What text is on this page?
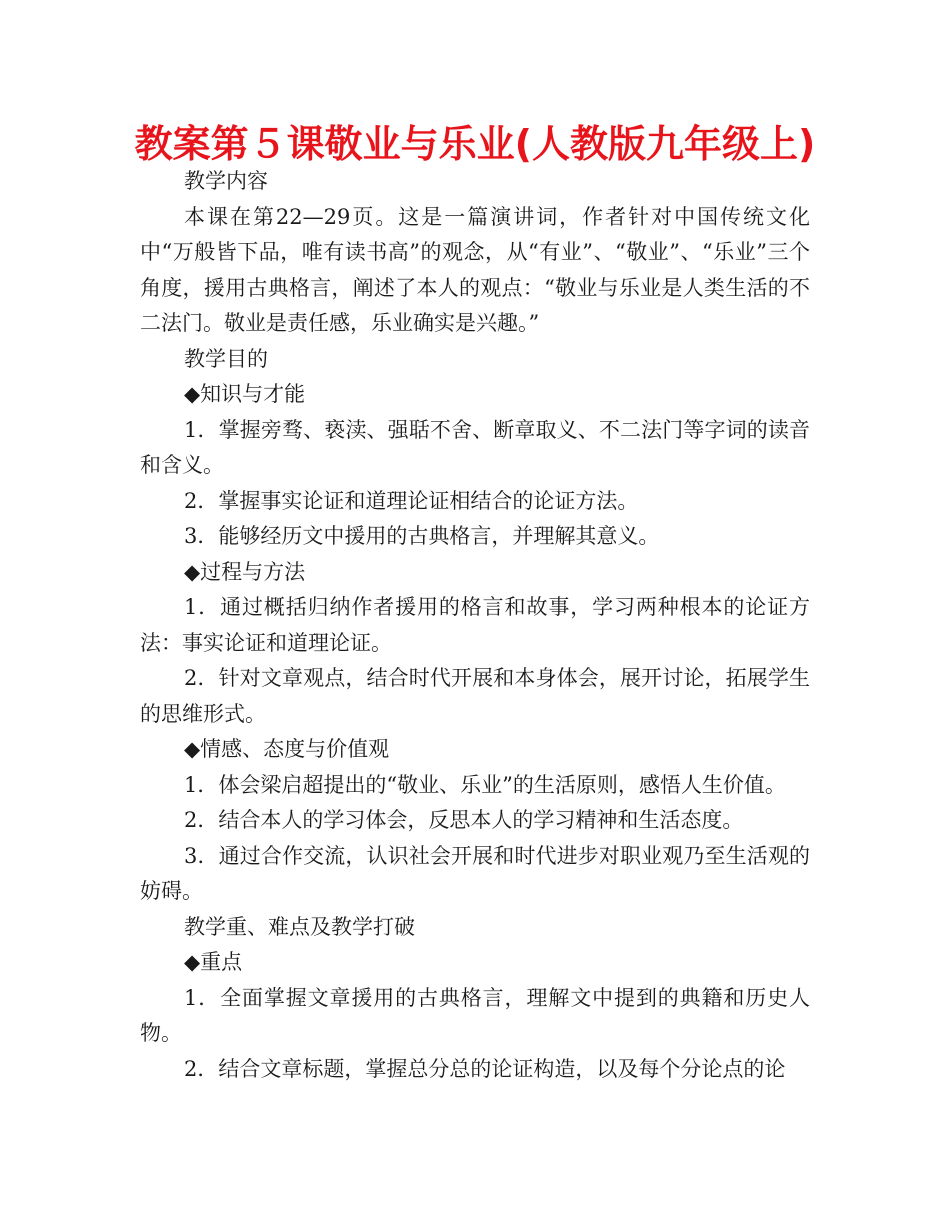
教案第５课敬业与乐业(人教版九年级上)

教学内容

本课在第22—29页。这是一篇演讲词，作者针对中国传统文化中“万般皆下品，唯有读书高”的观念，从“有业”、“敬业”、“乐业”三个角度，援用古典格言，阐述了本人的观点：“敬业与乐业是人类生活的不二法门。敬业是责任感，乐业确实是兴趣。”

教学目的

◆知识与才能

1．掌握旁骛、亵渎、强聒不舍、断章取义、不二法门等字词的读音和含义。

2．掌握事实论证和道理论证相结合的论证方法。

3．能够经历文中援用的古典格言，并理解其意义。

◆过程与方法

1．通过概括归纳作者援用的格言和故事，学习两种根本的论证方法：事实论证和道理论证。

2．针对文章观点，结合时代开展和本身体会，展开讨论，拓展学生的思维形式。

◆情感、态度与价值观

1．体会梁启超提出的“敬业、乐业”的生活原则，感悟人生价值。

2．结合本人的学习体会，反思本人的学习精神和生活态度。

3．通过合作交流，认识社会开展和时代进步对职业观乃至生活观的妨碍。

教学重、难点及教学打破

◆重点

1．全面掌握文章援用的古典格言，理解文中提到的典籍和历史人物。

2．结合文章标题，掌握总分总的论证构造，以及每个分论点的论
